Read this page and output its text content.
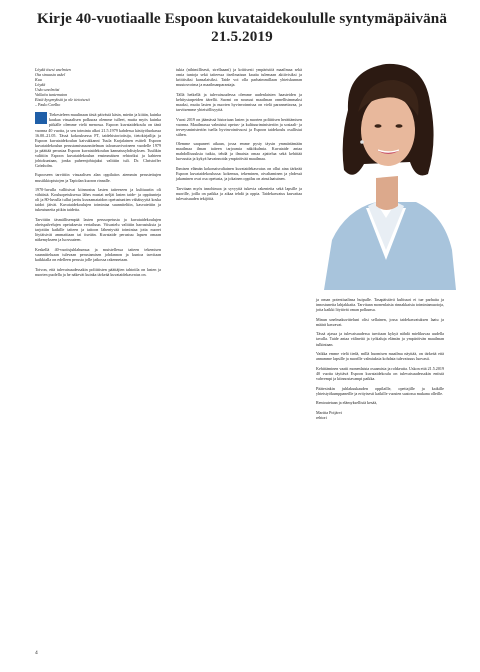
Kirje 40-vuotiaalle Espoon kuvataidekoululle syntymäpäivänä 21.5.2019

Löydä itsesi unelmien

Ota sinuusta askel

Kuu

Löydä

Usko unelmiisi

Vallaita tuntematon

Etsiä kysymyksiä ja ole tietoisesti

– Paulo Coelho

Tiekesteleen muulinaan tästä päivästä käsin, mietin ja kiitän, kuinka kaukaa visuaalisen polkuraa olemme tulleet, mutta myös kuinka pitkälle olemme vielä menossa. Espoon kuvataidekoulu on tänä vuonna 40 vuotta, ja sen toiminta alkoi 21.5.1979 kahdessa käsityöluokassa 16.00–21.05. Tässä kokouksessa FT, taidehistorioitsija, tietokirjailija ja Espoon kuvataidekoulun kaivukkanni Tuula Karjalainen esitteli Espoon kuvataidekoulun perustamissuunnitelman taloussuvivoineen vuodelle 1979 ja päättää perustaa Espoon kuvataidekoulun kannatusyhdistyksen. Tuulikin valittiin Espoon kuvataidekoulun ensimmäisen rehtoriksi ja kahteen johtokuntaan, jonka puheenjohtajaksi valittiin tuli. Dr. Christoffer Grönholm.

Espooseen tarvittiin visuaalisen alan oppilaitos aiemmin perustettujen musiikkiopistojen ja Tapiolan kuoron rinnalle.

1970-luvulla vallitsivat kiinnostus lasten taiteeseen ja kulttuuriin oli vähäistä. Kouluopetuksessa lähes mustat neljät lasten taide- ja oppitunteja oli ja 80-luvulla tullut jaettu kuvaamataidon opetustuntien vähäisyyttä koska taidot jäivät. Kuvataidekoulujen toimintaa suunniteltiin, kasvatettiin ja tukeutuneita pitkin taidetta.

Tarvittiin täsmällisempää lasten perusopetusta ja kuvataidekoulujen oheispalvelujen opetuksesta vertailuun. Viisastelu valittiin harrastuksia ja tarjottiin kaikille taiteen ja taitoon lähentyvää toimintaa jotta nuoret löytäisivät ammattiaan tai itseään. Kuvataide perustuu lapsen omaan näkemykseen ja luovuuteen.

Keskellä 40-vuotisjuhlahumua ja muistellessa taiteen tekemisen suunnitteluaan tulevaan perustamisen johdannon ja kuntoa tarvitaan kaikkialla on edelleen perusta jolle jatkossa rakennetaan.

Toivon, että tulevaisuudessakin poliittisten päättäjien tahtotila on lasten ja nuorten puolella ja he näkevät kuinka tärkeää kuvataidekasvatus on.

tukia (nihimillisesti, strellaaani) ja kriitisesti ympäristöä maailmaa sekä omia tuntoja sekä taiteessa itseilmaisun kautta tulemaan aktiivisiksi ja kriittisiksi kansalaisiksi. Taide voi olla parhaimmillaan yhteiskunnan muutosvoima ja maailmanparantaja.

Tällä hetkellä ja tulevaisuudessa olemme uudenlaisten haasteiden ja kehitystarpeiden äärellä. Suomi on noussut maailman onnellisimmaksi maaksi, mutta lasten ja nuorten hyvinvoinnissa on vielä parannettavaa, ja tarvitsemme yhteisöllisyyttä.

Vuosi 2019 on jäämässä historiaan lasten ja nuorten poliittisen herättämisen vuonna. Maailmassa valmistui opetus- ja kulttuuriministeriön ja sosiaali- ja terveysministeriön tuella hyvinvointivuosi ja Espoon taidekoulu osallistui siihen.

Olemme saapuneet aikaan, jossa emme pysty täysin ymmärtämään maailmaa ilman taiteen tarjoamia näkökulmia. Kuvataide antaa mahdollisuuksia tutkia, tehdä ja ilmaista omaa ajattelua sekä kehittää luovuutta ja kykyä havainnoida ympäröivää maailmaa.

Ihmisen elämän kokonaisvaltainen kuvataidekasvatus on ollut aina tärkeää Espoon kuvataidekoulussa: kokemus, tekeminen, oivaltaminen ja yhdessä jakaminen ovat osa opetusta, ja jokainen oppilas on ainutlaatuinen.

Tarvitaan myös innohimoa ja syvyyttä tukevia rakenteita sekä lapsille ja nuorille, joilla on paikka ja aikaa tehdä ja oppia. Taidekasvatus kasvattaa tulevaisuuden tekijöitä.

ja oman potentiaalinsa huipulle. Tasapäistävä kulttuuri ei tue parhaita ja innostuneita lahjakkaita. Tarvitaan monenlaisia rinnakkaisia toimintamuotoja, jotta kaikki löytävät oman polkunsa.

Minun unelmakuvitteluni olisi sellainen, jossa taidekasvatuksen laatu ja määrä kasvavat.

Tässä ajassa ja tulevaisuudessa tarvitaan kykyä nähdä mielikuvaa uudella tavalla. Taide antaa välineitä ja työkaluja elämän ja ympäröivän maailman tulkintaan.

Vaikka emme vielä tiedä, millä huomisen maailma näyttää, on tärkeää että annamme lapsille ja nuorille valmiuksia kohdata tulevaisuus luovasti.

Kehittäminen vaatii monenlaista osaamista ja rohkeutta. Uskon että 21.5.2019 40 vuotta täyttävä Espoon kuvataidekoulu on tulevaisuudessakin entistä vahvempi ja kiinnostavampi paikka.

Päätesinkin juhlakuukauden oppilaille, opettajille ja kaikille yhteistyökumppaneille ja erityisesti kaikille vuosien saatossa mukana olleille.

Rentoutetaan ja elämyksellistä kesää,

Maritta Poijärvi

rehtori

4
